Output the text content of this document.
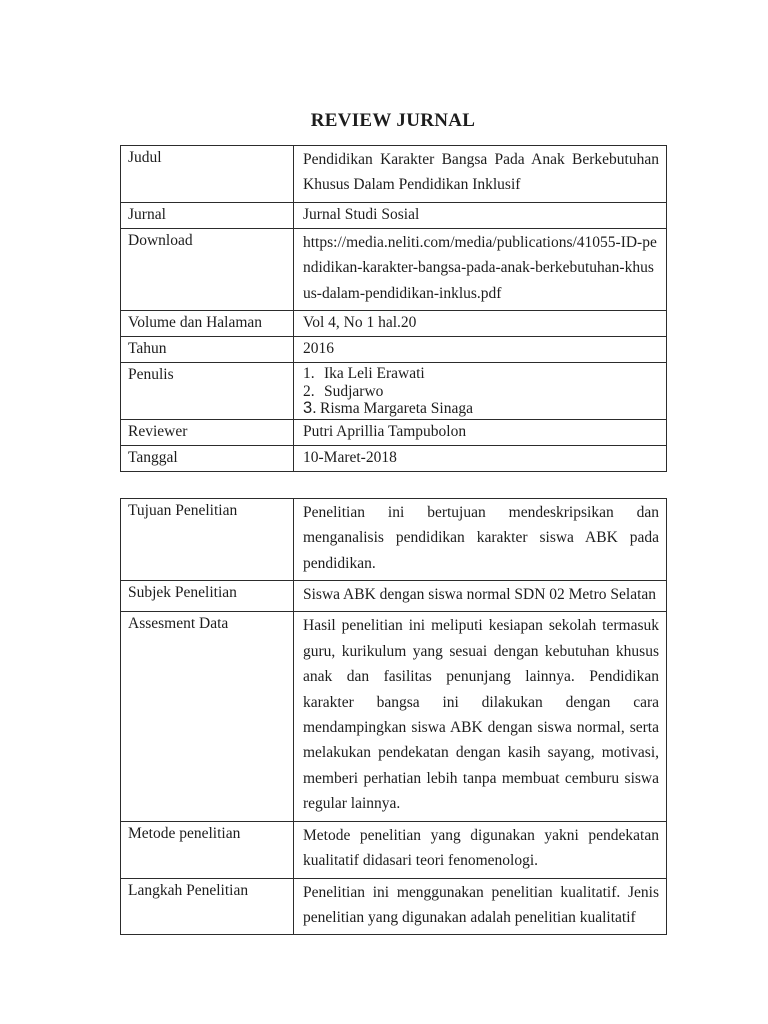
REVIEW JURNAL
Judul	Pendidikan Karakter Bangsa Pada Anak Berkebutuhan Khusus Dalam Pendidikan Inklusif
Jurnal	Jurnal Studi Sosial
Download	https://media.neliti.com/media/publications/41055-ID-pendidikan-karakter-bangsa-pada-anak-berkebutuhan-khusus-dalam-pendidikan-inklus.pdf
Volume dan Halaman	Vol 4, No 1 hal.20
Tahun	2016
Penulis	1. Ika Leli Erawati
2. Sudjarwo
3. Risma Margareta Sinaga

Reviewer	Putri Aprillia Tampubolon
Tanggal	10-Maret-2018
Tujuan Penelitian	Penelitian ini bertujuan mendeskripsikan dan menganalisis pendidikan karakter siswa ABK pada pendidikan.
Subjek Penelitian	Siswa ABK dengan siswa normal SDN 02 Metro Selatan
Assesment Data	Hasil penelitian ini meliputi kesiapan sekolah termasuk guru, kurikulum yang sesuai dengan kebutuhan khusus anak dan fasilitas penunjang lainnya. Pendidikan karakter bangsa ini dilakukan dengan cara mendampingkan siswa ABK dengan siswa normal, serta melakukan pendekatan dengan kasih sayang, motivasi, memberi perhatian lebih tanpa membuat cemburu siswa regular lainnya.
Metode penelitian	Metode penelitian yang digunakan yakni pendekatan kualitatif didasari teori fenomenologi.
Langkah Penelitian	Penelitian ini menggunakan penelitian kualitatif. Jenis penelitian yang digunakan adalah penelitian kualitatif
